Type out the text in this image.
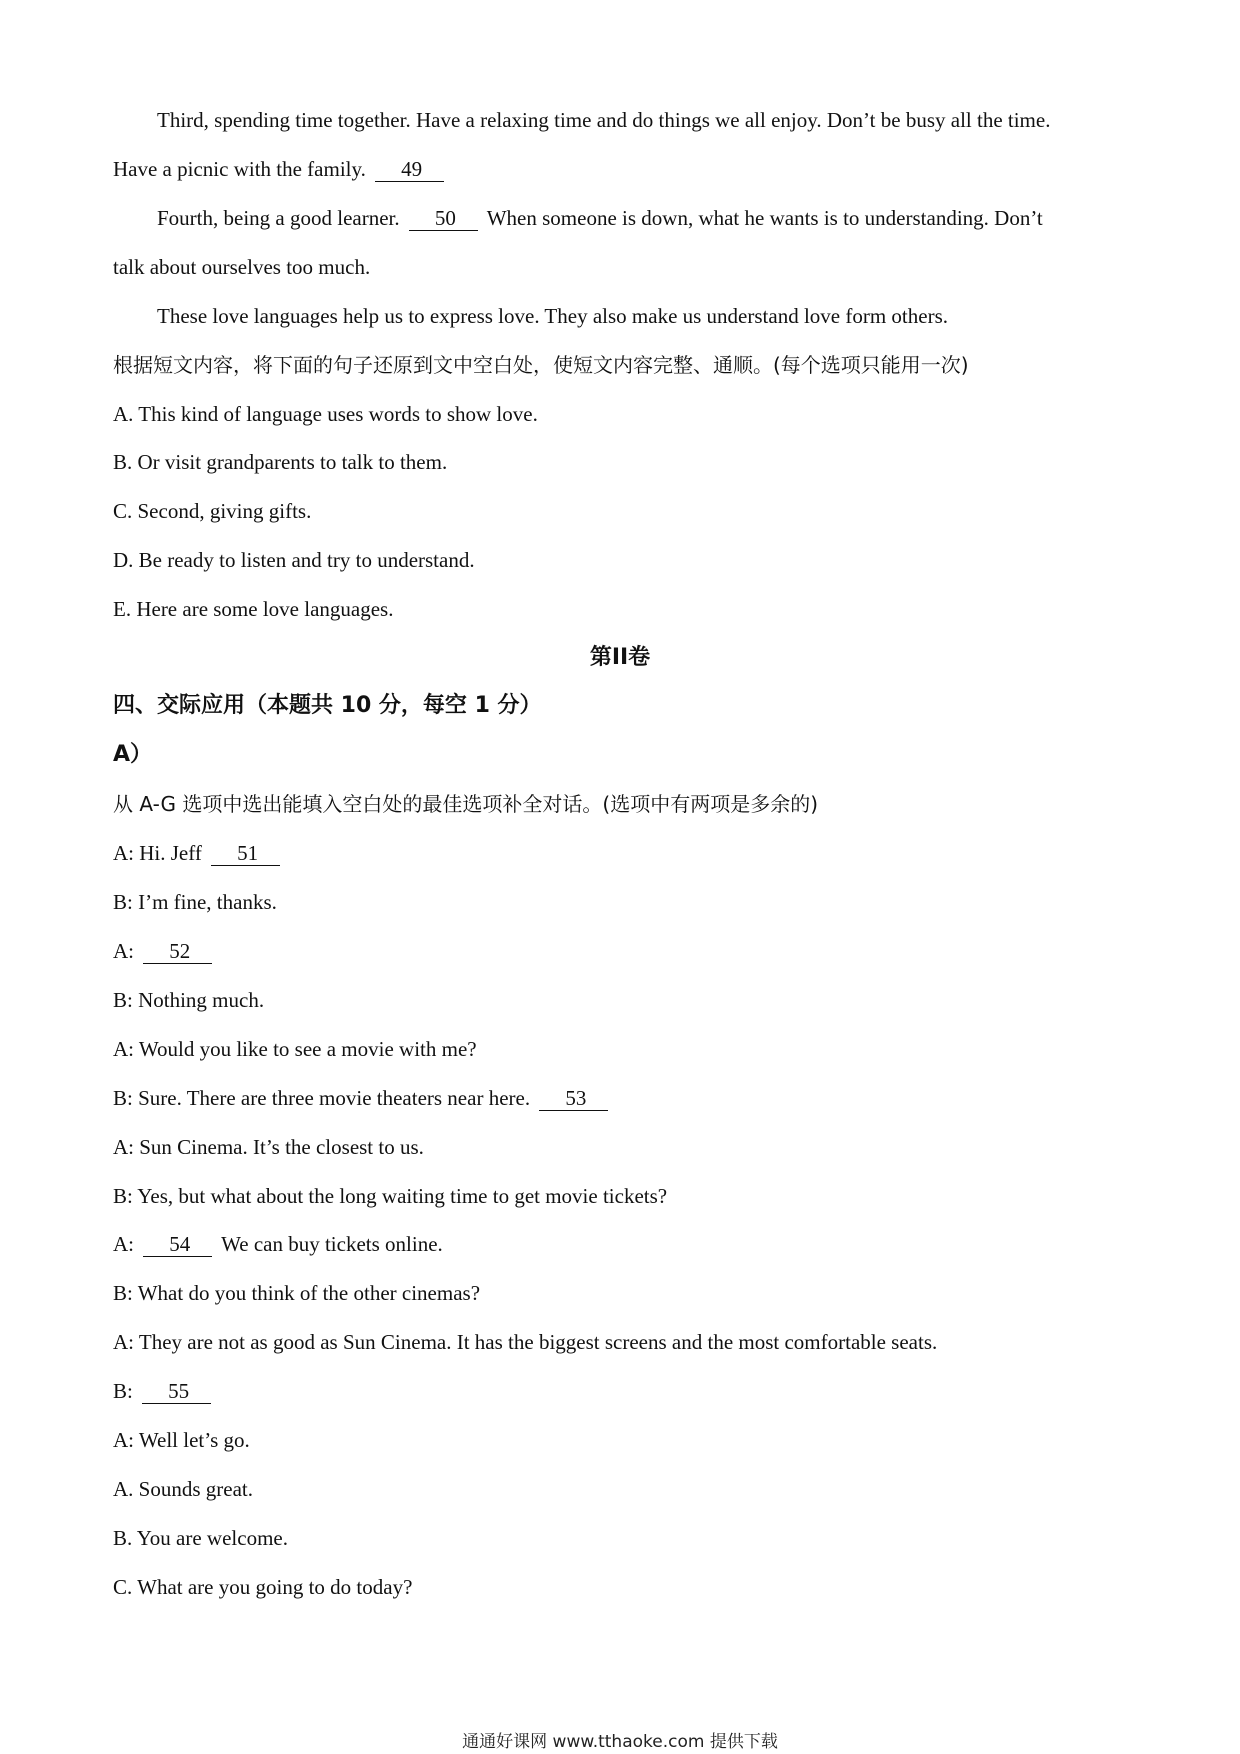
Third, spending time together. Have a relaxing time and do things we all enjoy. Don’t be busy all the time.
Have a picnic with the family. 49
Fourth, being a good learner. 50 When someone is down, what he wants is to understanding. Don’t
talk about ourselves too much.
These love languages help us to express love. They also make us understand love form others.
根据短文内容，将下面的句子还原到文中空白处，使短文内容完整、通顺。(每个选项只能用一次)
A. This kind of language uses words to show love.
B. Or visit grandparents to talk to them.
C. Second, giving gifts.
D. Be ready to listen and try to understand.
E. Here are some love languages.
第II卷
四、交际应用（本题共 10 分，每空 1 分）
A）
从 A-G 选项中选出能填入空白处的最佳选项补全对话。(选项中有两项是多余的)
A: Hi. Jeff 51
B: I’m fine, thanks.
A: 52
B: Nothing much.
A: Would you like to see a movie with me?
B: Sure. There are three movie theaters near here. 53
A: Sun Cinema. It’s the closest to us.
B: Yes, but what about the long waiting time to get movie tickets?
A: 54 We can buy tickets online.
B: What do you think of the other cinemas?
A: They are not as good as Sun Cinema. It has the biggest screens and the most comfortable seats.
B: 55
A: Well let’s go.
A. Sounds great.
B. You are welcome.
C. What are you going to do today?
通通好课网 www.tthaoke.com 提供下载
